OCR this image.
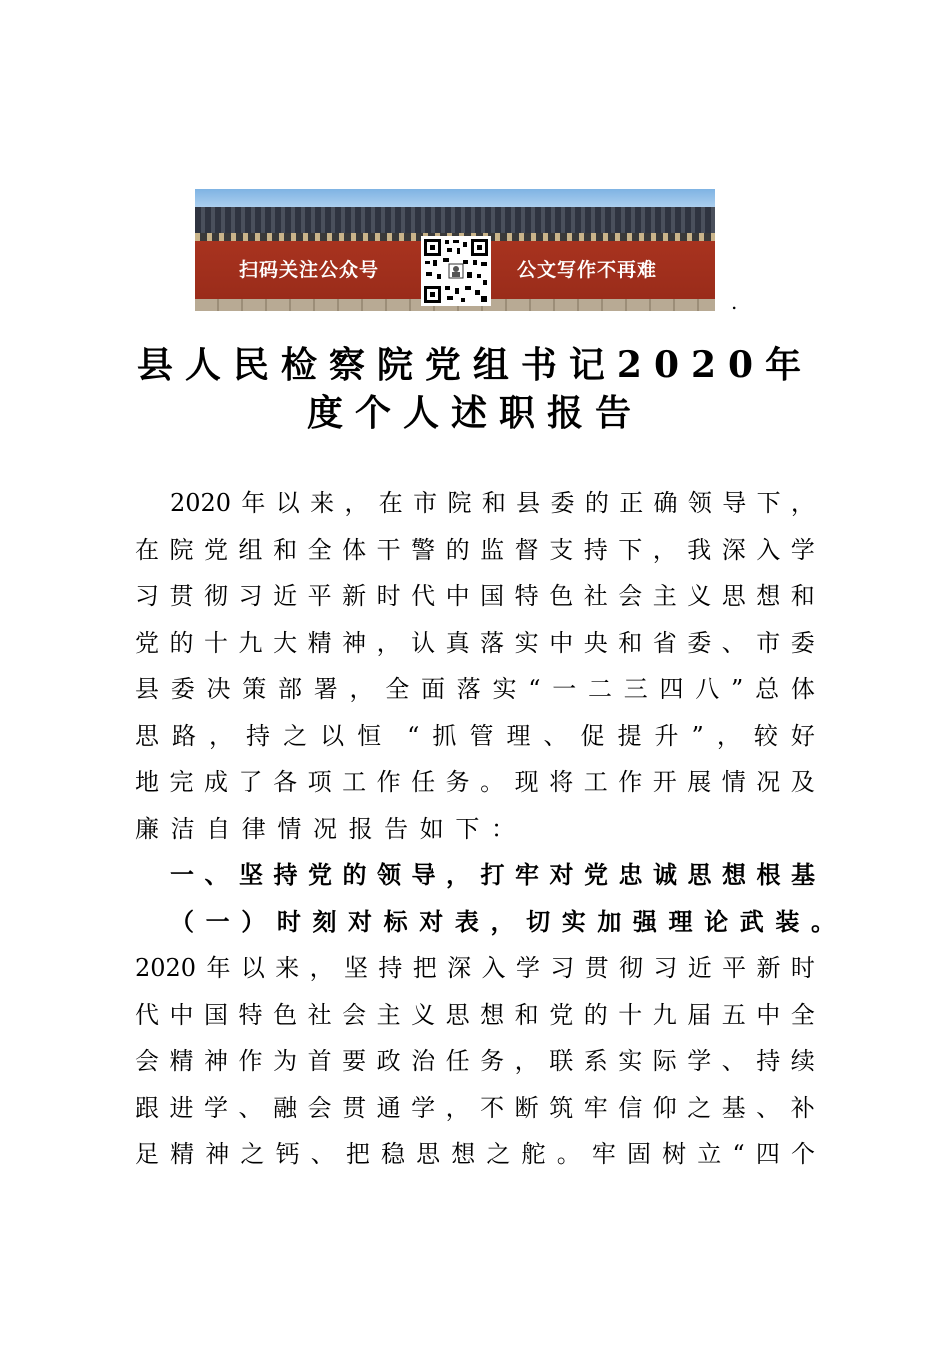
扫码关注公众号	公文写作不再难
.
县人民检察院党组书记2020年
度个人述职报告
2020 年 以 来 ， 在 市 院 和 县 委 的 正 确 领 导 下 ，
在 院 党 组 和 全 体 干 警 的 监 督 支 持 下 ， 我 深 入 学
习 贯 彻 习 近 平 新 时 代 中 国 特 色 社 会 主 义 思 想 和
党 的 十 九 大 精 神 ， 认 真 落 实 中 央 和 省 委 、 市 委
县 委 决 策 部 署 ， 全 面 落 实 “ 一 二 三 四 八 ” 总 体
思 路 ， 持 之 以 恒 “ 抓 管 理 、 促 提 升 ” ， 较 好
地 完 成 了 各 项 工 作 任 务 。 现 将 工 作 开 展 情 况 及
廉 洁 自 律 情 况 报 告 如 下 ：
一 、 坚 持 党 的 领 导 ， 打 牢 对 党 忠 诚 思 想 根 基
（ 一 ） 时 刻 对 标 对 表 ， 切 实 加 强 理 论 武 装 。
2020 年 以 来 ， 坚 持 把 深 入 学 习 贯 彻 习 近 平 新 时
代 中 国 特 色 社 会 主 义 思 想 和 党 的 十 九 届 五 中 全
会 精 神 作 为 首 要 政 治 任 务 ， 联 系 实 际 学 、 持 续
跟 进 学 、 融 会 贯 通 学 ， 不 断 筑 牢 信 仰 之 基 、 补
足 精 神 之 钙 、 把 稳 思 想 之 舵 。 牢 固 树 立 “ 四 个
